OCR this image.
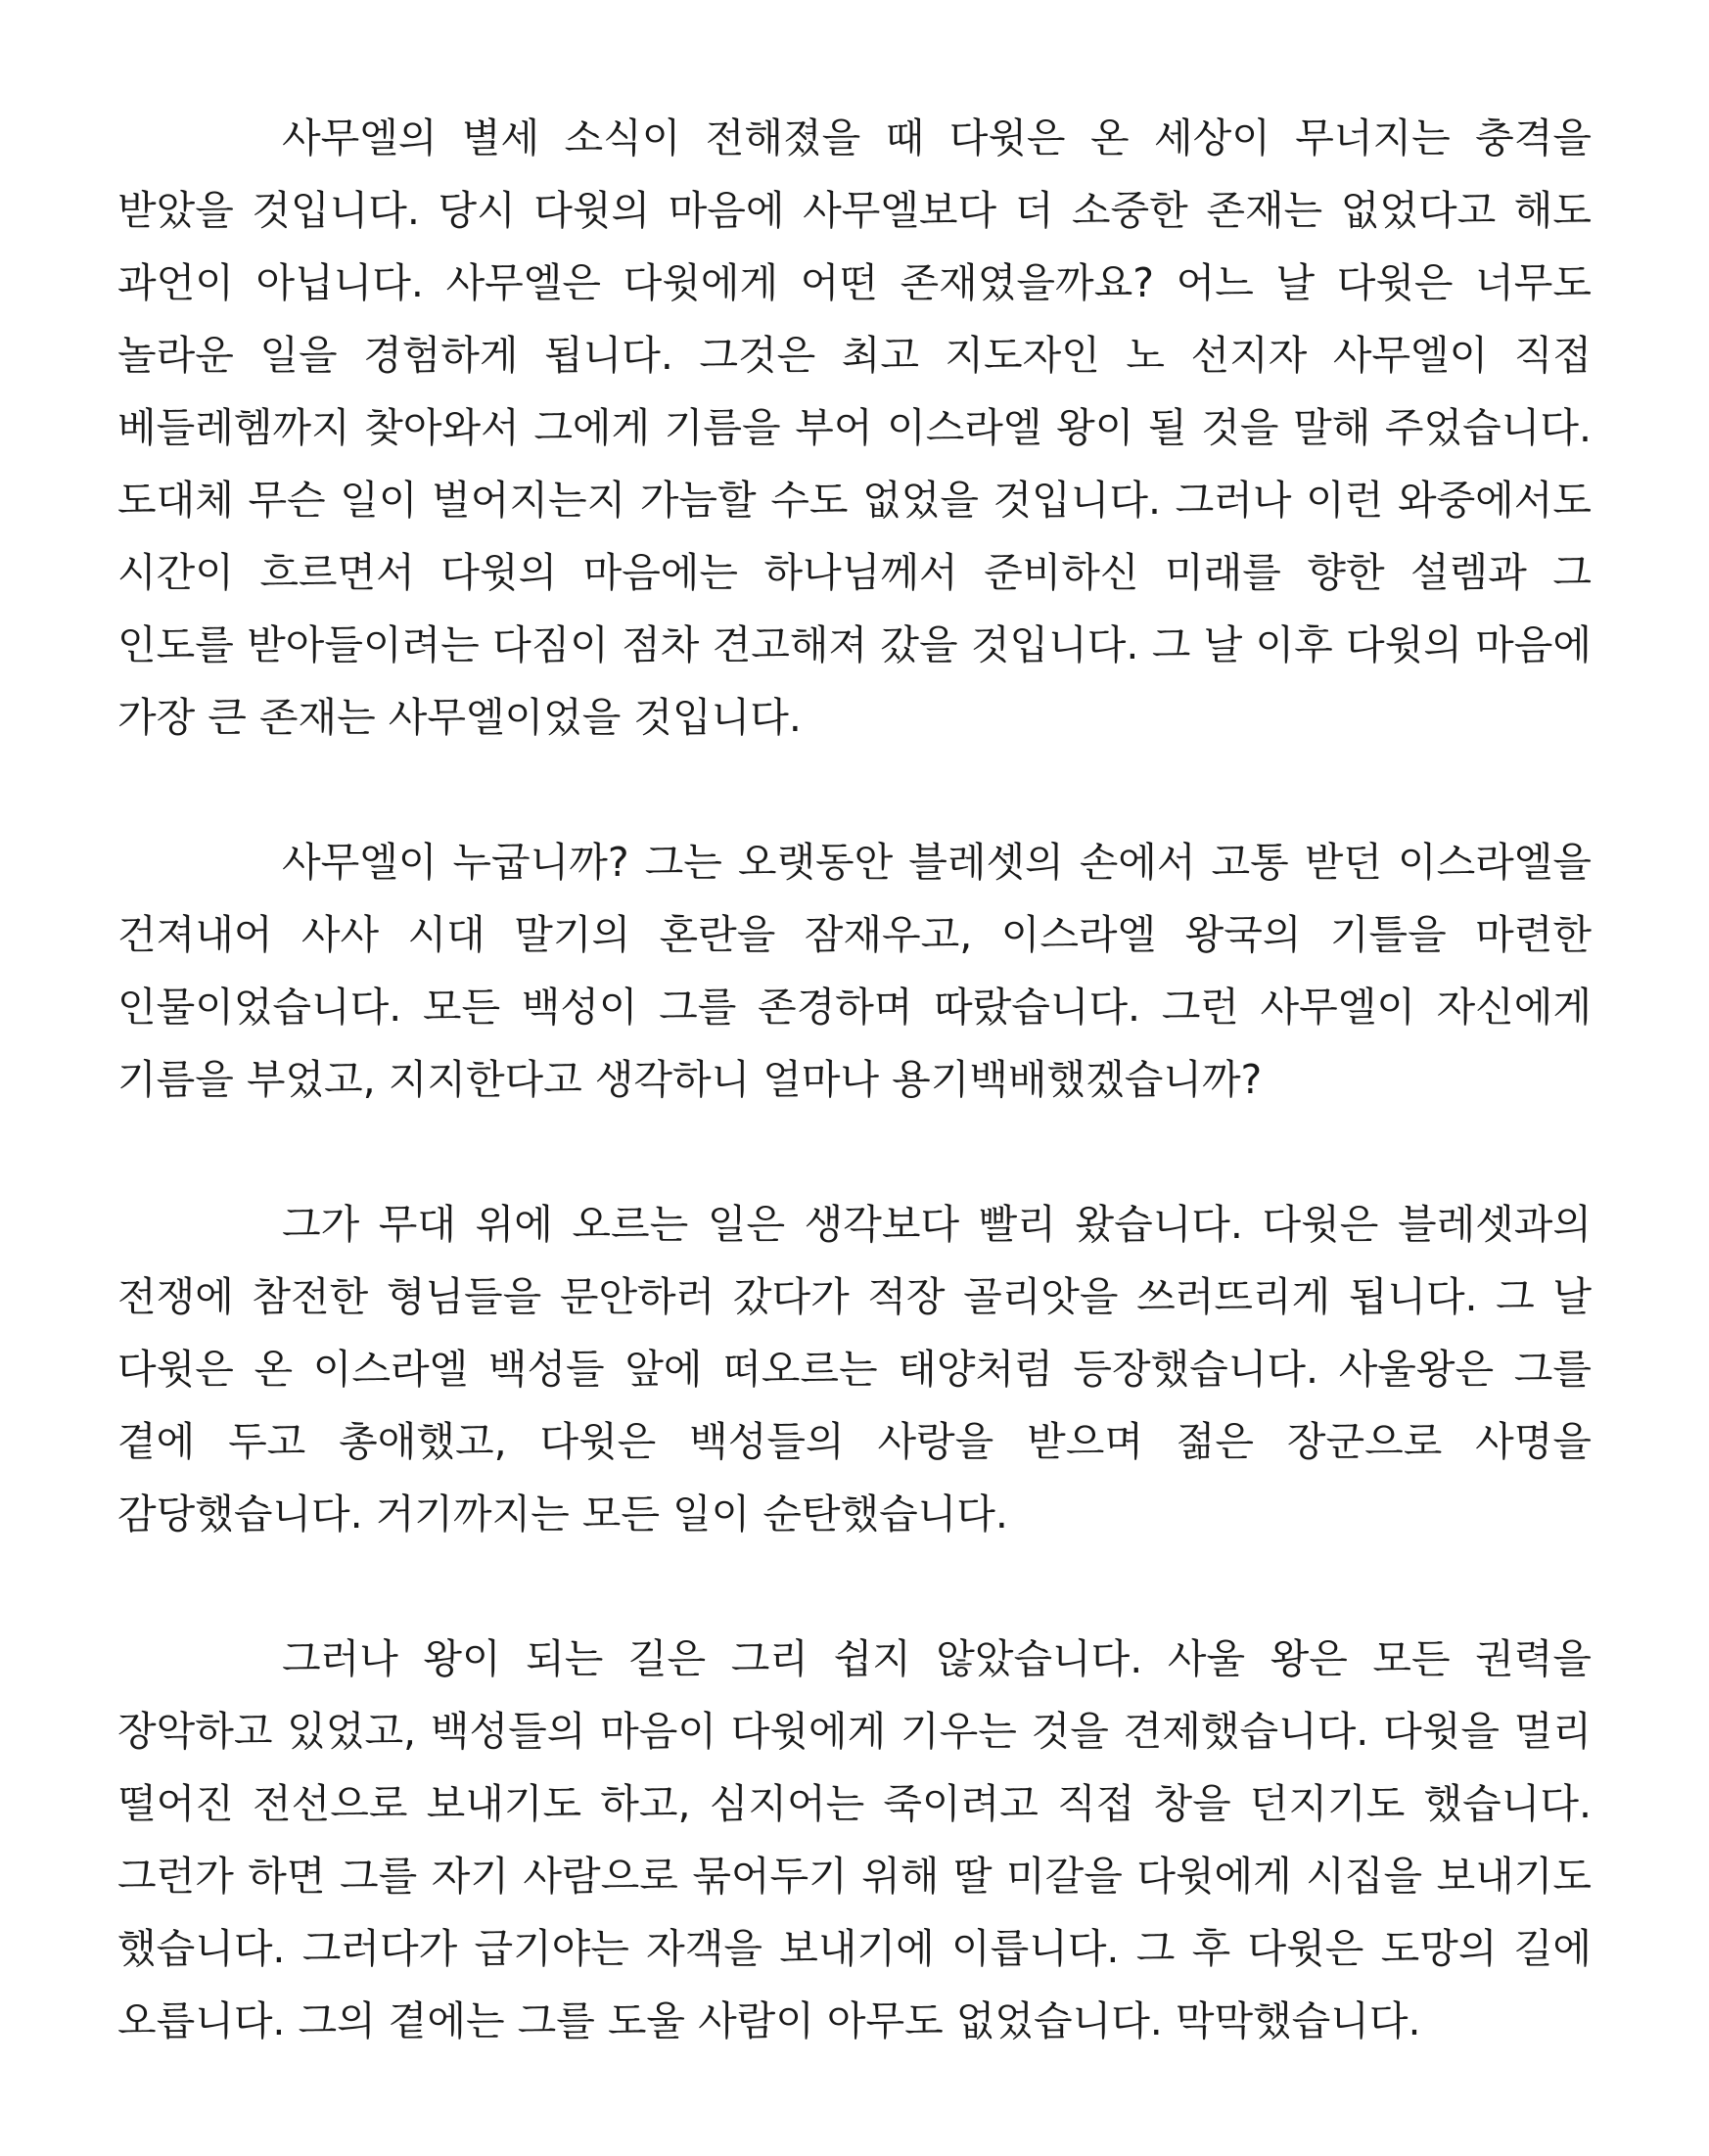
사무엘의 별세 소식이 전해졌을 때 다윗은 온 세상이 무너지는 충격을 받았을 것입니다. 당시 다윗의 마음에 사무엘보다 더 소중한 존재는 없었다고 해도 과언이 아닙니다. 사무엘은 다윗에게 어떤 존재였을까요? 어느 날 다윗은 너무도 놀라운 일을 경험하게 됩니다. 그것은 최고 지도자인 노 선지자 사무엘이 직접 베들레헴까지 찾아와서 그에게 기름을 부어 이스라엘 왕이 될 것을 말해 주었습니다. 도대체 무슨 일이 벌어지는지 가늠할 수도 없었을 것입니다. 그러나 이런 와중에서도 시간이 흐르면서 다윗의 마음에는 하나님께서 준비하신 미래를 향한 설렘과 그 인도를 받아들이려는 다짐이 점차 견고해져 갔을 것입니다. 그 날 이후 다윗의 마음에 가장 큰 존재는 사무엘이었을 것입니다.

사무엘이 누굽니까? 그는 오랫동안 블레셋의 손에서 고통 받던 이스라엘을 건져내어 사사 시대 말기의 혼란을 잠재우고, 이스라엘 왕국의 기틀을 마련한 인물이었습니다. 모든 백성이 그를 존경하며 따랐습니다. 그런 사무엘이 자신에게 기름을 부었고, 지지한다고 생각하니 얼마나 용기백배했겠습니까?

그가 무대 위에 오르는 일은 생각보다 빨리 왔습니다. 다윗은 블레셋과의 전쟁에 참전한 형님들을 문안하러 갔다가 적장 골리앗을 쓰러뜨리게 됩니다. 그 날 다윗은 온 이스라엘 백성들 앞에 떠오르는 태양처럼 등장했습니다. 사울왕은 그를 곁에 두고 총애했고, 다윗은 백성들의 사랑을 받으며 젊은 장군으로 사명을 감당했습니다. 거기까지는 모든 일이 순탄했습니다.

그러나 왕이 되는 길은 그리 쉽지 않았습니다. 사울 왕은 모든 권력을 장악하고 있었고, 백성들의 마음이 다윗에게 기우는 것을 견제했습니다. 다윗을 멀리 떨어진 전선으로 보내기도 하고, 심지어는 죽이려고 직접 창을 던지기도 했습니다. 그런가 하면 그를 자기 사람으로 묶어두기 위해 딸 미갈을 다윗에게 시집을 보내기도 했습니다. 그러다가 급기야는 자객을 보내기에 이릅니다. 그 후 다윗은 도망의 길에 오릅니다. 그의 곁에는 그를 도울 사람이 아무도 없었습니다. 막막했습니다.
